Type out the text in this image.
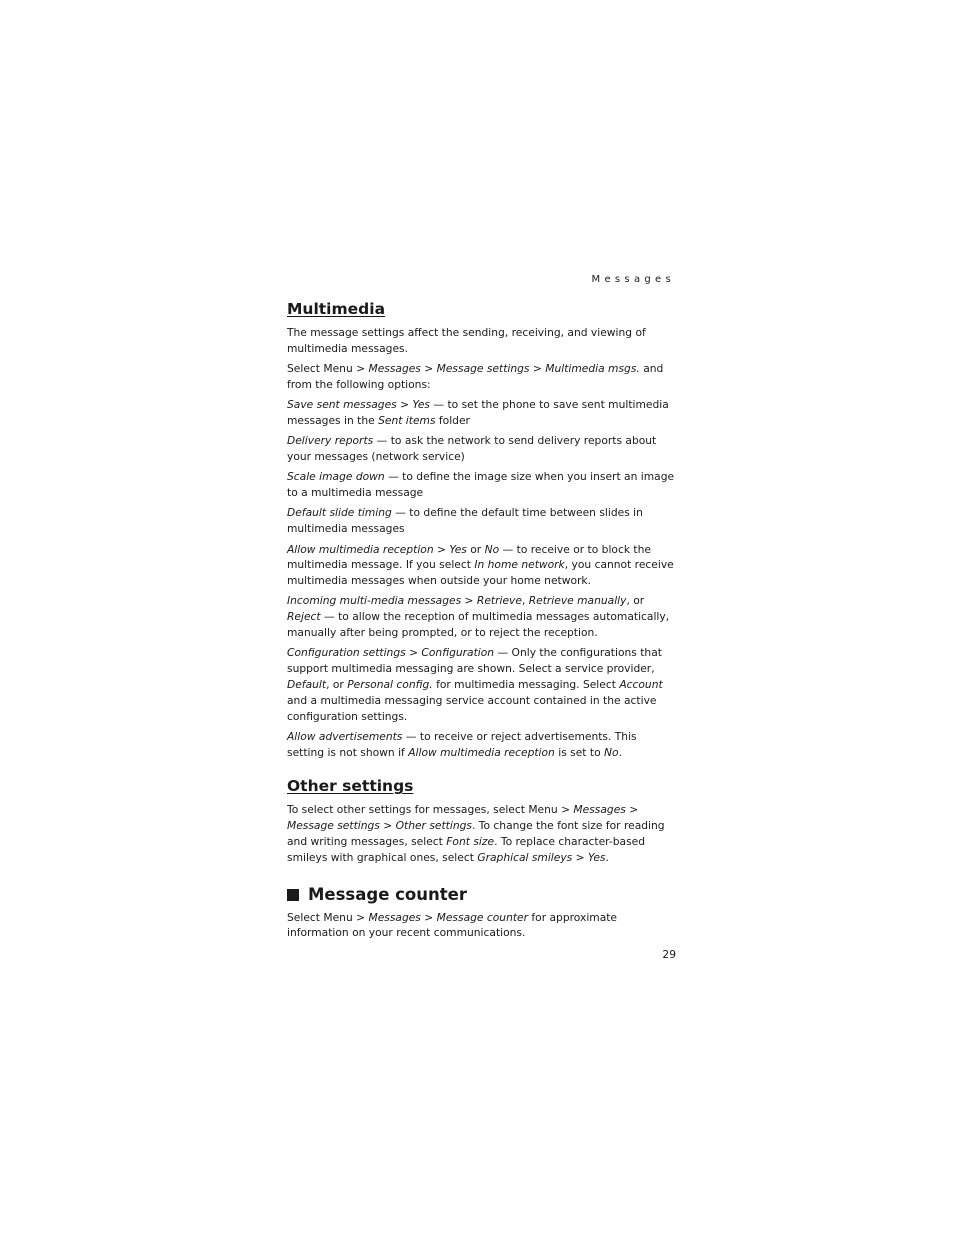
Messages
Multimedia

The message settings affect the sending, receiving, and viewing of multimedia messages.

Select Menu > Messages > Message settings > Multimedia msgs. and from the following options:

Save sent messages > Yes — to set the phone to save sent multimedia messages in the Sent items folder

Delivery reports — to ask the network to send delivery reports about your messages (network service)

Scale image down — to define the image size when you insert an image to a multimedia message

Default slide timing — to define the default time between slides in multimedia messages

Allow multimedia reception > Yes or No — to receive or to block the multimedia message. If you select In home network, you cannot receive multimedia messages when outside your home network.

Incoming multi-media messages > Retrieve, Retrieve manually, or Reject — to allow the reception of multimedia messages automatically, manually after being prompted, or to reject the reception.

Configuration settings > Configuration — Only the configurations that support multimedia messaging are shown. Select a service provider, Default, or Personal config. for multimedia messaging. Select Account and a multimedia messaging service account contained in the active configuration settings.

Allow advertisements — to receive or reject advertisements. This setting is not shown if Allow multimedia reception is set to No.

Other settings

To select other settings for messages, select Menu > Messages > Message settings > Other settings. To change the font size for reading and writing messages, select Font size. To replace character-based smileys with graphical ones, select Graphical smileys > Yes.

Message counter

Select Menu > Messages > Message counter for approximate information on your recent communications.

29
